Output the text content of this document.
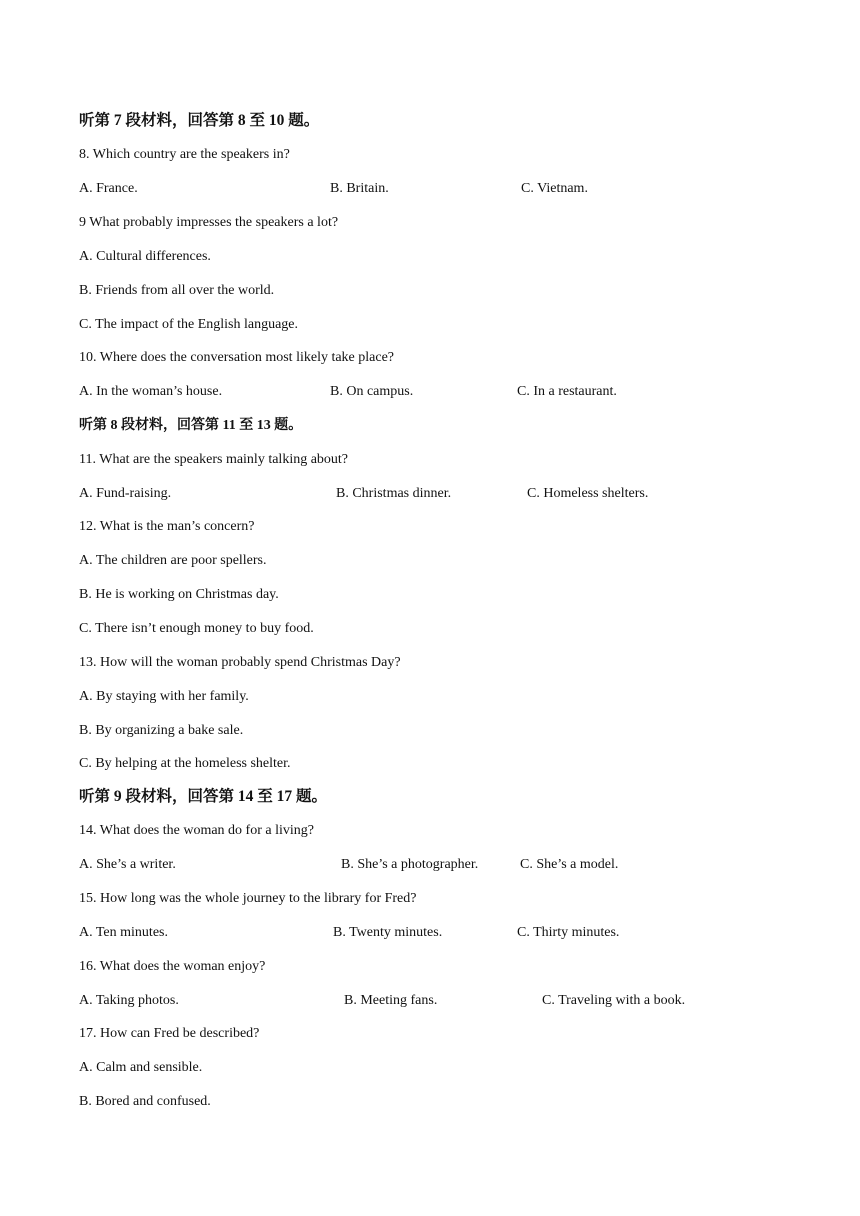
听第 7 段材料，回答第 8 至 10 题。
8. Which country are the speakers in?
A. France.	B. Britain.	C. Vietnam.
9 What probably impresses the speakers a lot?
A. Cultural differences.
B. Friends from all over the world.
C. The impact of the English language.
10. Where does the conversation most likely take place?
A. In the woman’s house.	B. On campus.	C. In a restaurant.
听第 8 段材料，回答第 11 至 13 题。
11. What are the speakers mainly talking about?
A. Fund-raising.	B. Christmas dinner.	C. Homeless shelters.
12. What is the man’s concern?
A. The children are poor spellers.
B. He is working on Christmas day.
C. There isn’t enough money to buy food.
13. How will the woman probably spend Christmas Day?
A. By staying with her family.
B. By organizing a bake sale.
C. By helping at the homeless shelter.
听第 9 段材料，回答第 14 至 17 题。
14. What does the woman do for a living?
A. She’s a writer.	B. She’s a photographer.	C. She’s a model.
15. How long was the whole journey to the library for Fred?
A. Ten minutes.	B. Twenty minutes.	C. Thirty minutes.
16. What does the woman enjoy?
A. Taking photos.	B. Meeting fans.	C. Traveling with a book.
17. How can Fred be described?
A. Calm and sensible.
B. Bored and confused.
